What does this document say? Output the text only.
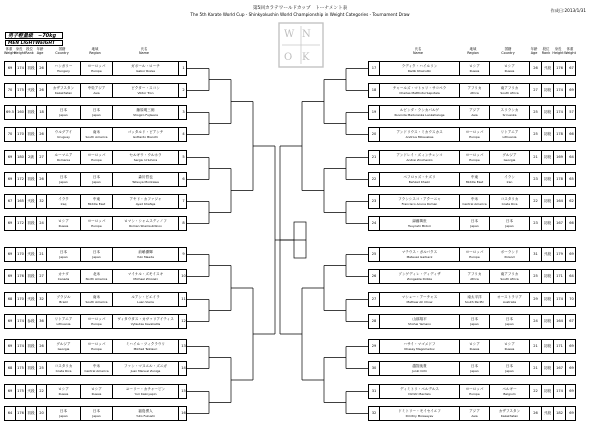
第5回カラテワールドカップ　トーナメント表
The 5th Karate World Cup - Shinkyokushin World Championship in Weight Categories - Tournament Draw
作成日:2013/1/31
男子軽量級　−70kg
MEN LIGHTWEIGHT
W N
O K
体重
Weight
身長
Height
段位
Rank
年齢
Age
国籍
Country
地域
Region
氏名
Name
氏名
Name
地域
Region
国籍
Country
年齢
Age
段位
Rank
身長
Height
体重
Weight
69 174 初段 26
ハンガリー
Hungary
ヨーロッパ
Europe
ガボール・ローチ
Gabor Rozsa
1
70 175 弐段 26
カザフスタン
Kazakhstan
中央アジア
Asia
ビクター・スコン
Viktor Tron
2
69.5 160 初段 18
日本
Japan
日本
Japan
藤原明三朗
Shogiro Fujiwara
3
70 170 初段 26
ウルグアイ
Uruguay
南米
South America
ゴッタルド・ビアンチ
Gottardo Bianchi
4
69 180 2級 27
ルーマニア
Romania
ヨーロッパ
Europe
セルギウ・ウルホラ
Sergiu Urluhora
5
69 172 初段 26
日本
Japan
日本
Japan
森川哲也
Tetsuya Morikawa
6
67 165 弐段 32
イラク
Iraq
中東
Middle East
アヤド・カファジャ
Ayad Khafaja
7
69 172 初段 24
ロシア
Russia
ヨーロッパ
Europe
ロマン・シャムスディノフ
Roman Shamsutdinov
8
69 170 弐段 21
日本
Japan
日本
Japan
前嶋優輝
Yuki Maeda
9
69 176 初段 27
カナダ
Canada
北米
North America
マイケル・ズモイスキ
Michael Zmoiski
10
68 170 弐段 32
ブラジル
Brazil
南米
South America
ルアン・ビエイラ
Luan Vieira
11
69 174 参段 36
リトアニア
Lithuania
ヨーロッパ
Europe
ヴィタウタス・カヴァリアイティス
Vytautas Kavaliaitis
12
69 174 初段 26
グルジア
Georgia
ヨーロッパ
Europe
ミハイル・ツィクラウリ
Mikheil Tsiklauri
13
68 175 初段 25
コスタリカ
Costa Rica
中米
Central America
ファン・マヌエル・ズニガ
Juan Manuel Zuniga
14
69 175 弐段 22
ロシア
Russia
ロシア
Russia
ユーリー・カチャーピン
Yuri Kaknyapin
15
64 176 初段 20
日本
Japan
日本
Japan
福島勇人
Yuto Fukushi
16
17
ラディク・ハイルリン
Radik Khairullin
ロシア
Russia
ロシア
Russia
26 弐段 176 67
18
チャールズ・マトゥリ・サコペラ
Charles Matthotsi Sepotela
アフリカ
Africa
南アフリカ
South Africa
27 初段 174 69
19
ルビンダ・ランカパルゲ
Ruvinda Maduranka Lankahaluge
アジア
Asia
スリランカ
Sri Lanka
25 初段 174 57
20
アンドリウス・ミカウスカス
Andrius Mikauskas
ヨーロッパ
Europe
リトアニア
Lithuania
25 初段 178 66
21
アンドレイ・ズィンチェンコ
Andrei Zinchenko
ヨーロッパ
Europe
グルジア
Georgia
21 初段 169 64
22
ベフロゥズ・ケズリ
Behzad Khezri
中東
Middle East
イラン
Iran
23 初段 178 65
23
フランシスコ・アクーニャ
Francisco Acuna Roman
中米
Central America
コスタリカ
Costa Rica
22 初段 164 62
24
緑藤萬世
Tsuyoshi Midori
日本
Japan
日本
Japan
23 初段 167 66
25
マテウス・ガルバクス
Mateusz Garbacz
ヨーロッパ
Europe
ポーランド
Poland
31 弐段 179 69
26
ゾンゲディレ・ディディザ
Zongezile Didiza
アフリカ
Africa
南アフリカ
South Africa
25 初段 171 64
27
マシュー・アーチャス
Mathew Ah Chow
南太平洋
South Pacific
オーストラリア
Australia
29 初段 174 70
28
山那翔平
Shohei Yamano
日本
Japan
日本
Japan
24 初段 164 67
29
ハサイ・マゴメドフ
Khasay Magomedov
ロシア
Russia
ロシア
Russia
21 初段 171 69
30
越智純貴
Junki Ochi
日本
Japan
日本
Japan
21 初段 167 69
31
ディミトリ・ベルデルス
Dimitri Berdels
ヨーロッパ
Europe
ベルギー
Belgium
22 初段 174 69
32
ドミトリー・モイセイエフ
Dmitriy Moisseyev
アジア
Asia
カザフスタン
Kazakhstan
26 弐段 182 69
